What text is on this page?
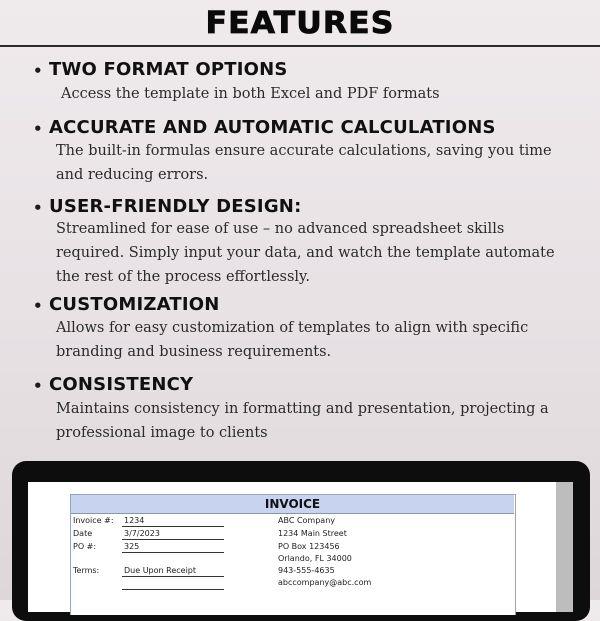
FEATURES
• TWO FORMAT OPTIONS
Access the template in both Excel and PDF formats
• ACCURATE AND AUTOMATIC CALCULATIONS
The built-in formulas ensure accurate calculations, saving you time
and reducing errors.
• USER-FRIENDLY DESIGN:
Streamlined for ease of use – no advanced spreadsheet skills
required. Simply input your data, and watch the template automate
the rest of the process effortlessly.
• CUSTOMIZATION
Allows for easy customization of templates to align with specific
branding and business requirements.
• CONSISTENCY
Maintains consistency in formatting and presentation, projecting a
professional image to clients
INVOICE
Invoice #: 1234
Date	3/7/2023
PO #:	325
Terms:	Due Upon Receipt
ABC Company
1234 Main Street
PO Box 123456
Orlando, FL 34000
943-555-4635
abccompany@abc.com
